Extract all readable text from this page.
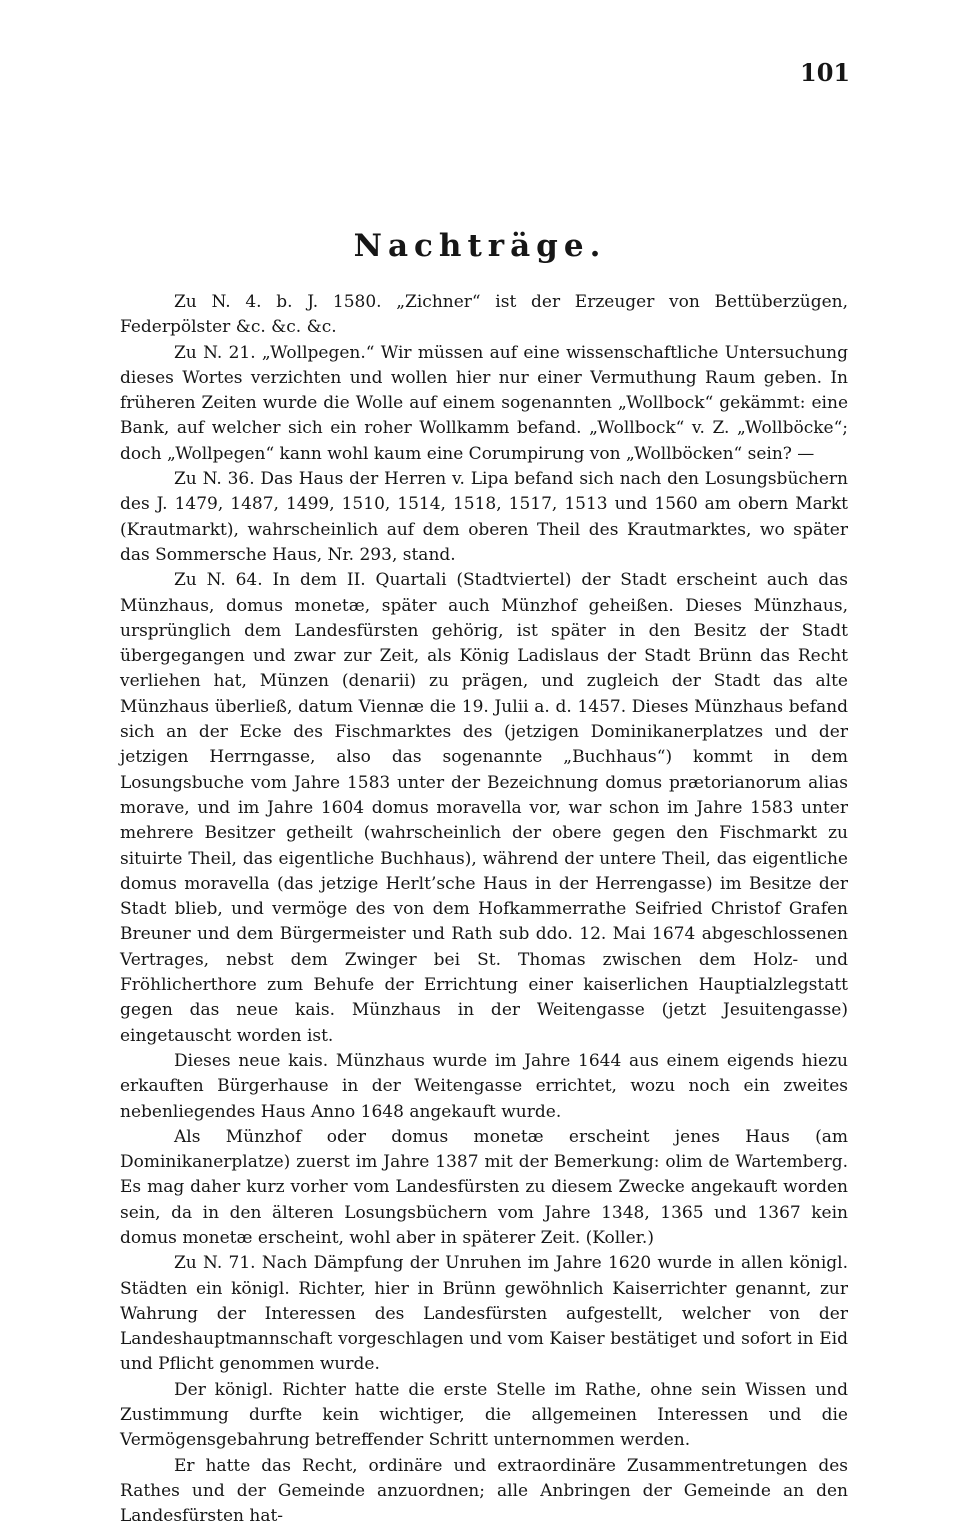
101
Nachträge.

Zu N. 4. b. J. 1580. „Zichner“ ist der Erzeuger von Bettüberzügen, Federpölster &c. &c. &c.

Zu N. 21. „Wollpegen.“ Wir müssen auf eine wissenschaftliche Untersuchung dieses Wortes verzichten und wollen hier nur einer Vermuthung Raum geben. In früheren Zeiten wurde die Wolle auf einem sogenannten „Wollbock“ gekämmt: eine Bank, auf welcher sich ein roher Wollkamm befand. „Wollbock“ v. Z. „Wollböcke“; doch „Wollpegen“ kann wohl kaum eine Corumpirung von „Wollböcken“ sein? —

Zu N. 36. Das Haus der Herren v. Lipa befand sich nach den Losungsbüchern des J. 1479, 1487, 1499, 1510, 1514, 1518, 1517, 1513 und 1560 am obern Markt (Krautmarkt), wahrscheinlich auf dem oberen Theil des Krautmarktes, wo später das Sommersche Haus, Nr. 293, stand.

Zu N. 64. In dem II. Quartali (Stadtviertel) der Stadt erscheint auch das Münzhaus, domus monetæ, später auch Münzhof geheißen. Dieses Münzhaus, ursprünglich dem Landesfürsten gehörig, ist später in den Besitz der Stadt übergegangen und zwar zur Zeit, als König Ladislaus der Stadt Brünn das Recht verliehen hat, Münzen (denarii) zu prägen, und zugleich der Stadt das alte Münzhaus überließ, datum Viennæ die 19. Julii a. d. 1457. Dieses Münzhaus befand sich an der Ecke des Fischmarktes des (jetzigen Dominikanerplatzes und der jetzigen Herrngasse, also das sogenannte „Buchhaus“) kommt in dem Losungsbuche vom Jahre 1583 unter der Bezeichnung domus prætorianorum alias morave, und im Jahre 1604 domus moravella vor, war schon im Jahre 1583 unter mehrere Besitzer getheilt (wahrscheinlich der obere gegen den Fischmarkt zu situirte Theil, das eigentliche Buchhaus), während der untere Theil, das eigentliche domus moravella (das jetzige Herlt’sche Haus in der Herrengasse) im Besitze der Stadt blieb, und vermöge des von dem Hofkammerrathe Seifried Christof Grafen Breuner und dem Bürgermeister und Rath sub ddo. 12. Mai 1674 abgeschlossenen Vertrages, nebst dem Zwinger bei St. Thomas zwischen dem Holz- und Fröhlicherthore zum Behufe der Errichtung einer kaiserlichen Hauptialzlegstatt gegen das neue kais. Münzhaus in der Weitengasse (jetzt Jesuitengasse) eingetauscht worden ist.

Dieses neue kais. Münzhaus wurde im Jahre 1644 aus einem eigends hiezu erkauften Bürgerhause in der Weitengasse errichtet, wozu noch ein zweites nebenliegendes Haus Anno 1648 angekauft wurde.

Als Münzhof oder domus monetæ erscheint jenes Haus (am Dominikanerplatze) zuerst im Jahre 1387 mit der Bemerkung: olim de Wartemberg. Es mag daher kurz vorher vom Landesfürsten zu diesem Zwecke angekauft worden sein, da in den älteren Losungsbüchern vom Jahre 1348, 1365 und 1367 kein domus monetæ erscheint, wohl aber in späterer Zeit. (Koller.)

Zu N. 71. Nach Dämpfung der Unruhen im Jahre 1620 wurde in allen königl. Städten ein königl. Richter, hier in Brünn gewöhnlich Kaiserrichter genannt, zur Wahrung der Interessen des Landesfürsten aufgestellt, welcher von der Landeshauptmannschaft vorgeschlagen und vom Kaiser bestätiget und sofort in Eid und Pflicht genommen wurde.

Der königl. Richter hatte die erste Stelle im Rathe, ohne sein Wissen und Zustimmung durfte kein wichtiger, die allgemeinen Interessen und die Vermögensgebahrung betreffender Schritt unternommen werden.

Er hatte das Recht, ordinäre und extraordinäre Zusammentretungen des Rathes und der Gemeinde anzuordnen; alle Anbringen der Gemeinde an den Landesfürsten hat-
